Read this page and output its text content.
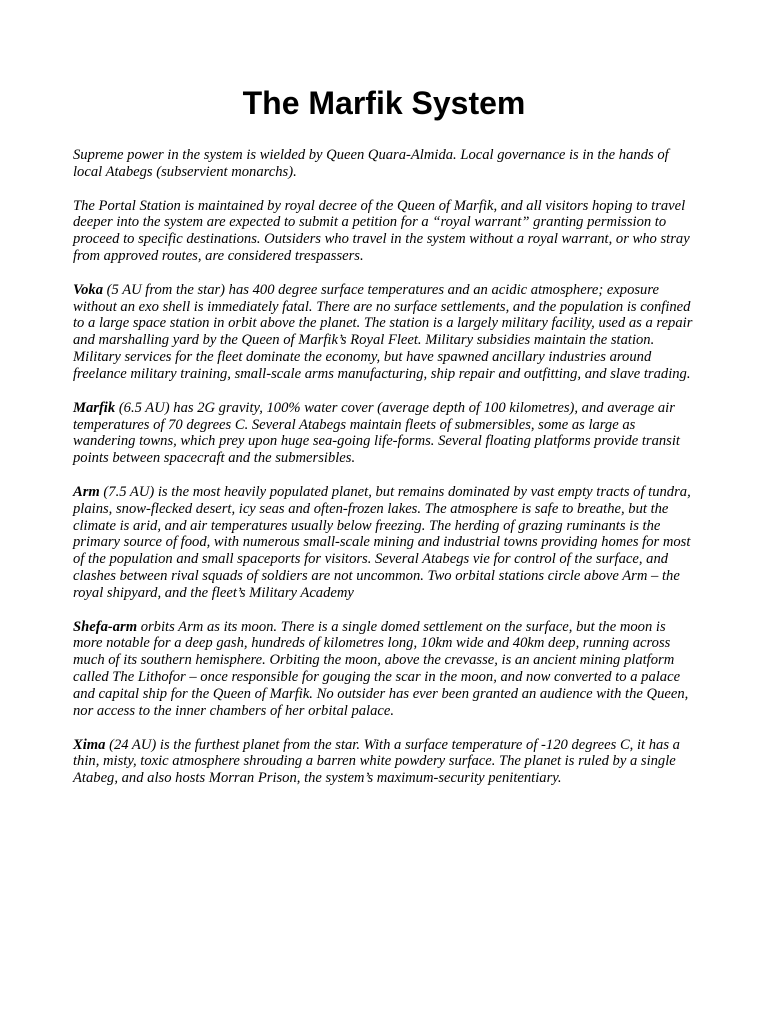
The Marfik System

Supreme power in the system is wielded by Queen Quara-Almida. Local governance is in the hands of local Atabegs (subservient monarchs).

The Portal Station is maintained by royal decree of the Queen of Marfik, and all visitors hoping to travel deeper into the system are expected to submit a petition for a “royal warrant” granting permission to proceed to specific destinations. Outsiders who travel in the system without a royal warrant, or who stray from approved routes, are considered trespassers.

Voka (5 AU from the star) has 400 degree surface temperatures and an acidic atmosphere; exposure without an exo shell is immediately fatal. There are no surface settlements, and the population is confined to a large space station in orbit above the planet. The station is a largely military facility, used as a repair and marshalling yard by the Queen of Marfik’s Royal Fleet. Military subsidies maintain the station. Military services for the fleet dominate the economy, but have spawned ancillary industries around freelance military training, small-scale arms manufacturing, ship repair and outfitting, and slave trading.

Marfik (6.5 AU) has 2G gravity, 100% water cover (average depth of 100 kilometres), and average air temperatures of 70 degrees C. Several Atabegs maintain fleets of submersibles, some as large as wandering towns, which prey upon huge sea-going life-forms. Several floating platforms provide transit points between spacecraft and the submersibles.

Arm (7.5 AU) is the most heavily populated planet, but remains dominated by vast empty tracts of tundra, plains, snow-flecked desert, icy seas and often-frozen lakes. The atmosphere is safe to breathe, but the climate is arid, and air temperatures usually below freezing. The herding of grazing ruminants is the primary source of food, with numerous small-scale mining and industrial towns providing homes for most of the population and small spaceports for visitors. Several Atabegs vie for control of the surface, and clashes between rival squads of soldiers are not uncommon. Two orbital stations circle above Arm – the royal shipyard, and the fleet’s Military Academy

Shefa-arm orbits Arm as its moon. There is a single domed settlement on the surface, but the moon is more notable for a deep gash, hundreds of kilometres long, 10km wide and 40km deep, running across much of its southern hemisphere. Orbiting the moon, above the crevasse, is an ancient mining platform called The Lithofor – once responsible for gouging the scar in the moon, and now converted to a palace and capital ship for the Queen of Marfik. No outsider has ever been granted an audience with the Queen, nor access to the inner chambers of her orbital palace.

Xima (24 AU) is the furthest planet from the star. With a surface temperature of -120 degrees C, it has a thin, misty, toxic atmosphere shrouding a barren white powdery surface. The planet is ruled by a single Atabeg, and also hosts Morran Prison, the system’s maximum-security penitentiary.
